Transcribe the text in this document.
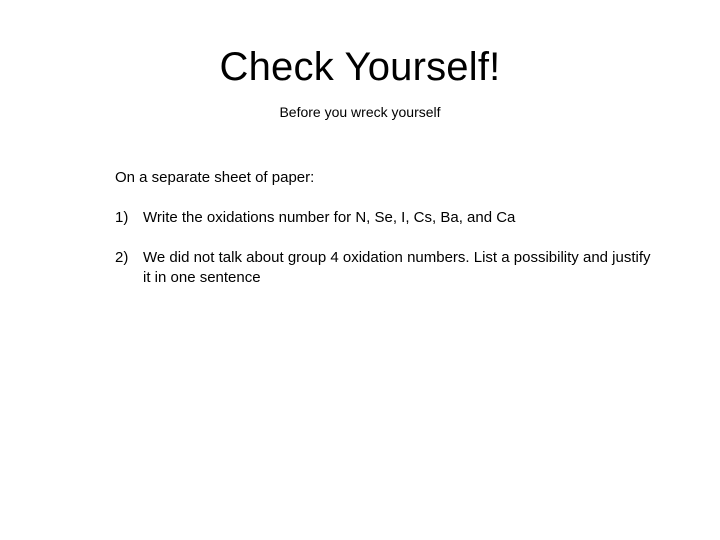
Check Yourself!
Before you wreck yourself
On a separate sheet of paper:
1) Write the oxidations number for N, Se, I, Cs, Ba, and Ca
2) We did not talk about group 4 oxidation numbers. List a possibility and justify it in one sentence
